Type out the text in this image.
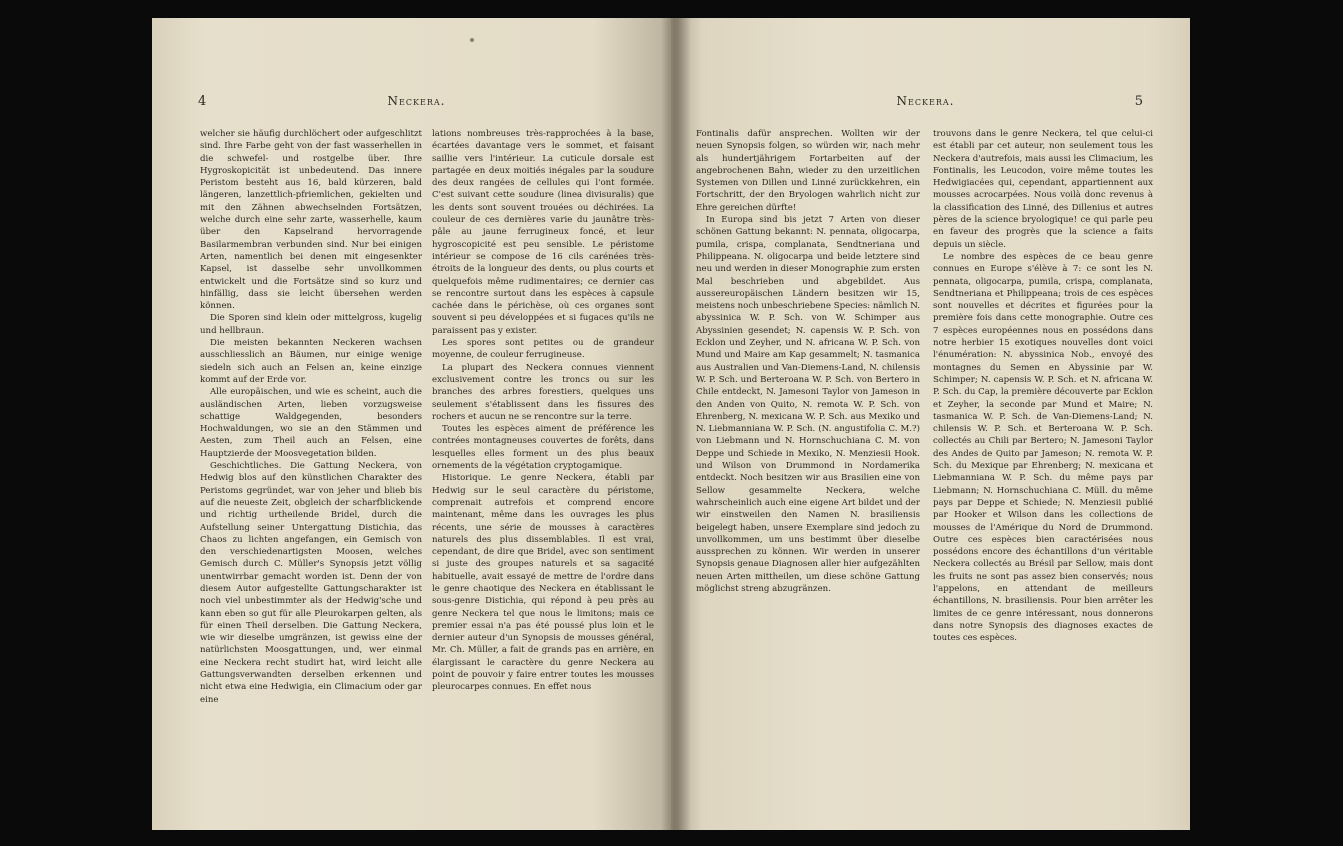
4	Neckera.

welcher sie häufig durchlöchert oder aufgeschlitzt sind. Ihre Farbe geht von der fast wasserhellen in die schwefel- und rostgelbe über. Ihre Hygroskopicität ist unbedeutend. Das innere Peristom besteht aus 16, bald kürzeren, bald längeren, lanzettlich-pfriemlichen, gekielten und mit den Zähnen abwechselnden Fortsätzen, welche durch eine sehr zarte, wasserhelle, kaum über den Kapselrand hervorragende Basilarmembran verbunden sind. Nur bei einigen Arten, namentlich bei denen mit eingesenkter Kapsel, ist dasselbe sehr unvollkommen entwickelt und die Fortsätze sind so kurz und hinfällig, dass sie leicht übersehen werden können.

Die Sporen sind klein oder mittelgross, kugelig und hellbraun.

Die meisten bekannten Neckeren wachsen ausschliesslich an Bäumen, nur einige wenige siedeln sich auch an Felsen an, keine einzige kommt auf der Erde vor.

Alle europäischen, und wie es scheint, auch die ausländischen Arten, lieben vorzugsweise schattige Waldgegenden, besonders Hochwaldungen, wo sie an den Stämmen und Aesten, zum Theil auch an Felsen, eine Hauptzierde der Moosvegetation bilden.

Geschichtliches. Die Gattung Neckera, von Hedwig blos auf den künstlichen Charakter des Peristoms gegründet, war von jeher und blieb bis auf die neueste Zeit, obgleich der scharfblickende und richtig urtheilende Bridel, durch die Aufstellung seiner Untergattung Distichia, das Chaos zu lichten angefangen, ein Gemisch von den verschiedenartigsten Moosen, welches Gemisch durch C. Müller's Synopsis jetzt völlig unentwirrbar gemacht worden ist. Denn der von diesem Autor aufgestellte Gattungscharakter ist noch viel unbestimmter als der Hedwig'sche und kann eben so gut für alle Pleurokarpen gelten, als für einen Theil derselben. Die Gattung Neckera, wie wir dieselbe umgränzen, ist gewiss eine der natürlichsten Moosgattungen, und, wer einmal eine Neckera recht studirt hat, wird leicht alle Gattungsverwandten derselben erkennen und nicht etwa eine Hedwigia, ein Climacium oder gar eine

lations nombreuses très-rapprochées à la base, écartées davantage vers le sommet, et faisant saillie vers l'intérieur. La cuticule dorsale est partagée en deux moitiés inégales par la soudure des deux rangées de cellules qui l'ont formée. C'est suivant cette soudure (linea divisuralis) que les dents sont souvent trouées ou déchirées. La couleur de ces dernières varie du jaunâtre très-pâle au jaune ferrugineux foncé, et leur hygroscopicité est peu sensible. Le péristome intérieur se compose de 16 cils carénées très-étroits de la longueur des dents, ou plus courts et quelquefois même rudimentaires; ce dernier cas se rencontre surtout dans les espèces à capsule cachée dans le périchèse, où ces organes sont souvent si peu développées et si fugaces qu'ils ne paraissent pas y exister.

Les spores sont petites ou de grandeur moyenne, de couleur ferrugineuse.

La plupart des Neckera connues viennent exclusivement contre les troncs ou sur les branches des arbres forestiers, quelques uns seulement s'établissent dans les fissures des rochers et aucun ne se rencontre sur la terre.

Toutes les espèces aiment de préférence les contrées montagneuses couvertes de forêts, dans lesquelles elles forment un des plus beaux ornements de la végétation cryptogamique.

Historique. Le genre Neckera, établi par Hedwig sur le seul caractère du péristome, comprenait autrefois et comprend encore maintenant, même dans les ouvrages les plus récents, une série de mousses à caractères naturels des plus dissemblables. Il est vrai, cependant, de dire que Bridel, avec son sentiment si juste des groupes naturels et sa sagacité habituelle, avait essayé de mettre de l'ordre dans le genre chaotique des Neckera en établissant le sous-genre Distichia, qui répond à peu près au genre Neckera tel que nous le limitons; mais ce premier essai n'a pas été poussé plus loin et le dernier auteur d'un Synopsis de mousses général, Mr. Ch. Müller, a fait de grands pas en arrière, en élargissant le caractère du genre Neckera au point de pouvoir y faire entrer toutes les mousses pleurocarpes connues. En effet nous

Neckera.	5

Fontinalis dafür ansprechen. Wollten wir der neuen Synopsis folgen, so würden wir, nach mehr als hundertjährigem Fortarbeiten auf der angebrochenen Bahn, wieder zu den urzeitlichen Systemen von Dillen und Linné zurückkehren, ein Fortschritt, der den Bryologen wahrlich nicht zur Ehre gereichen dürfte!

In Europa sind bis jetzt 7 Arten von dieser schönen Gattung bekannt: N. pennata, oligocarpa, pumila, crispa, complanata, Sendtneriana und Philippeana. N. oligocarpa und beide letztere sind neu und werden in dieser Monographie zum ersten Mal beschrieben und abgebildet. Aus aussereuropäischen Ländern besitzen wir 15, meistens noch unbeschriebene Species: nämlich N. abyssinica W. P. Sch. von W. Schimper aus Abyssinien gesendet; N. capensis W. P. Sch. von Ecklon und Zeyher, und N. africana W. P. Sch. von Mund und Maire am Kap gesammelt; N. tasmanica aus Australien und Van-Diemens-Land, N. chilensis W. P. Sch. und Berteroana W. P. Sch. von Bertero in Chile entdeckt, N. Jamesoni Taylor von Jameson in den Anden von Quito, N. remota W. P. Sch. von Ehrenberg, N. mexicana W. P. Sch. aus Mexiko und N. Liebmanniana W. P. Sch. (N. angustifolia C. M.?) von Liebmann und N. Hornschuchiana C. M. von Deppe und Schiede in Mexiko, N. Menziesii Hook. und Wilson von Drummond in Nordamerika entdeckt. Noch besitzen wir aus Brasilien eine von Sellow gesammelte Neckera, welche wahrscheinlich auch eine eigene Art bildet und der wir einstweilen den Namen N. brasiliensis beigelegt haben, unsere Exemplare sind jedoch zu unvollkommen, um uns bestimmt über dieselbe aussprechen zu können. Wir werden in unserer Synopsis genaue Diagnosen aller hier aufgezählten neuen Arten mittheilen, um diese schöne Gattung möglichst streng abzugränzen.

trouvons dans le genre Neckera, tel que celui-ci est établi par cet auteur, non seulement tous les Neckera d'autrefois, mais aussi les Climacium, les Fontinalis, les Leucodon, voire même toutes les Hedwigiacées qui, cependant, appartiennent aux mousses acrocarpées. Nous voilà donc revenus à la classification des Linné, des Dillenius et autres pères de la science bryologique! ce qui parle peu en faveur des progrès que la science a faits depuis un siècle.

Le nombre des espèces de ce beau genre connues en Europe s'élève à 7: ce sont les N. pennata, oligocarpa, pumila, crispa, complanata, Sendtneriana et Philippeana; trois de ces espèces sont nouvelles et décrites et figurées pour la première fois dans cette monographie. Outre ces 7 espèces européennes nous en possédons dans notre herbier 15 exotiques nouvelles dont voici l'énumération: N. abyssinica Nob., envoyé des montagnes du Semen en Abyssinie par W. Schimper; N. capensis W. P. Sch. et N. africana W. P. Sch. du Cap, la première découverte par Ecklon et Zeyher, la seconde par Mund et Maire; N. tasmanica W. P. Sch. de Van-Diemens-Land; N. chilensis W. P. Sch. et Berteroana W. P. Sch. collectés au Chili par Bertero; N. Jamesoni Taylor des Andes de Quito par Jameson; N. remota W. P. Sch. du Mexique par Ehrenberg; N. mexicana et Liebmanniana W. P. Sch. du même pays par Liebmann; N. Hornschuchiana C. Müll. du même pays par Deppe et Schiede; N. Menziesii publié par Hooker et Wilson dans les collections de mousses de l'Amérique du Nord de Drummond. Outre ces espèces bien caractérisées nous possédons encore des échantillons d'un véritable Neckera collectés au Brésil par Sellow, mais dont les fruits ne sont pas assez bien conservés; nous l'appelons, en attendant de meilleurs échantillons, N. brasiliensis. Pour bien arrêter les limites de ce genre intéressant, nous donnerons dans notre Synopsis des diagnoses exactes de toutes ces espèces.
